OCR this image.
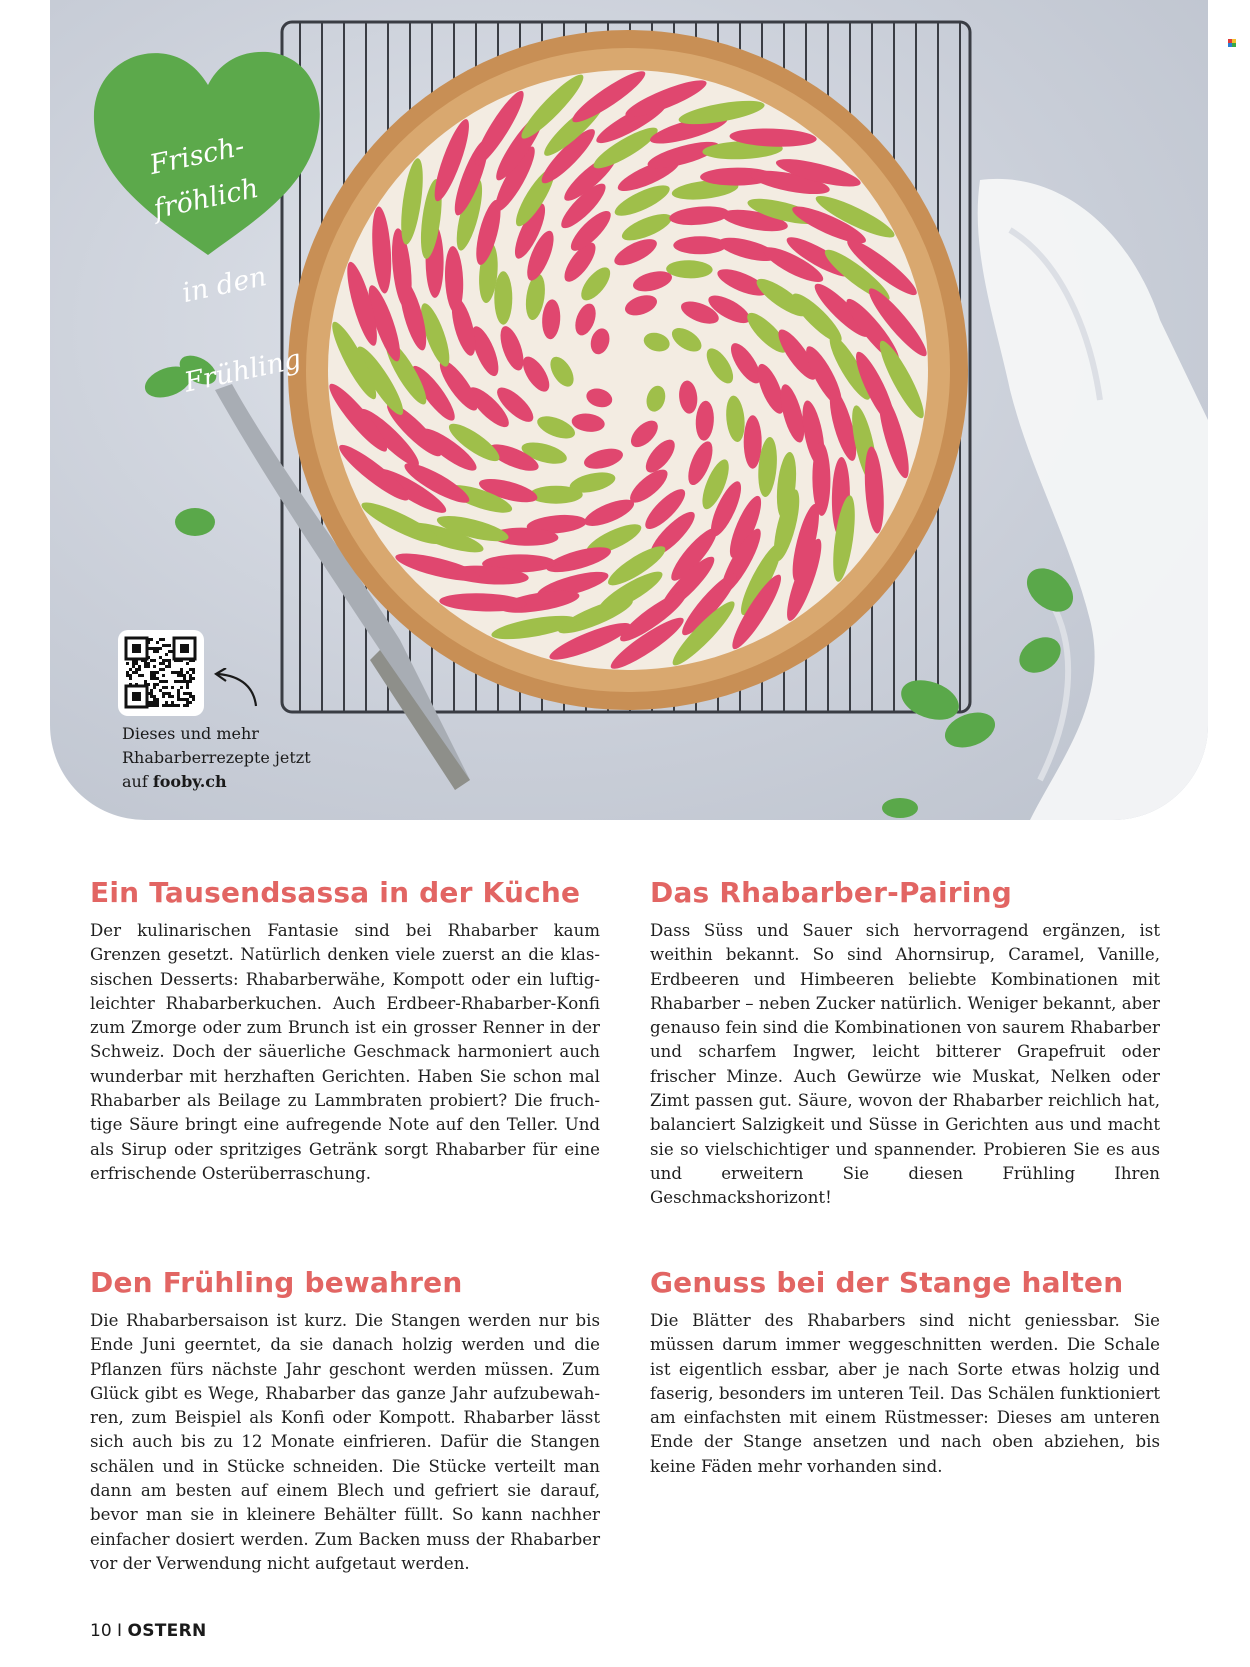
Frisch-fröhlich

in den

Frühling

Dieses und mehr
Rhabarberrezepte jetzt
auf fooby.ch
Ein Tausendsassa in der Küche

Der kulinarischen Fantasie sind bei Rhabarber kaum Grenzen gesetzt. Natürlich denken viele zuerst an die klassischen Desserts: Rhabarberwähe, Kompott oder ein luftigleichter Rhabarberkuchen. Auch Erdbeer-Rhabarber-Konfi zum Zmorge oder zum Brunch ist ein grosser Renner in der Schweiz. Doch der säuerliche Geschmack harmoniert auch wunderbar mit herzhaften Gerichten. Haben Sie schon mal Rhabarber als Beilage zu Lammbraten probiert? Die fruchtige Säure bringt eine aufregende Note auf den Teller. Und als Sirup oder spritziges Getränk sorgt Rhabarber für eine erfrischende Osterüberraschung.

Das Rhabarber-Pairing

Dass Süss und Sauer sich hervorragend ergänzen, ist weithin bekannt. So sind Ahornsirup, Caramel, Vanille, Erdbeeren und Himbeeren beliebte Kombinationen mit Rhabarber – neben Zucker natürlich. Weniger bekannt, aber genauso fein sind die Kombinationen von saurem Rhabarber und scharfem Ingwer, leicht bitterer Grapefruit oder frischer Minze. Auch Gewürze wie Muskat, Nelken oder Zimt passen gut. Säure, wovon der Rhabarber reichlich hat, balanciert Salzigkeit und Süsse in Gerichten aus und macht sie so vielschichtiger und spannender. Probieren Sie es aus und erweitern Sie diesen Frühling Ihren Geschmackshorizont!

Den Frühling bewahren

Die Rhabarbersaison ist kurz. Die Stangen werden nur bis Ende Juni geerntet, da sie danach holzig werden und die Pflanzen fürs nächste Jahr geschont werden müssen. Zum Glück gibt es Wege, Rhabarber das ganze Jahr aufzubewahren, zum Beispiel als Konfi oder Kompott. Rhabarber lässt sich auch bis zu 12 Monate einfrieren. Dafür die Stangen schälen und in Stücke schneiden. Die Stücke verteilt man dann am besten auf einem Blech und gefriert sie darauf, bevor man sie in kleinere Behälter füllt. So kann nachher einfacher dosiert werden. Zum Backen muss der Rhabarber vor der Verwendung nicht aufgetaut werden.

Genuss bei der Stange halten

Die Blätter des Rhabarbers sind nicht geniessbar. Sie müssen darum immer weggeschnitten werden. Die Schale ist eigentlich essbar, aber je nach Sorte etwas holzig und faserig, besonders im unteren Teil. Das Schälen funktioniert am einfachsten mit einem Rüstmesser: Dieses am unteren Ende der Stange ansetzen und nach oben abziehen, bis keine Fäden mehr vorhanden sind.

10 I OSTERN
